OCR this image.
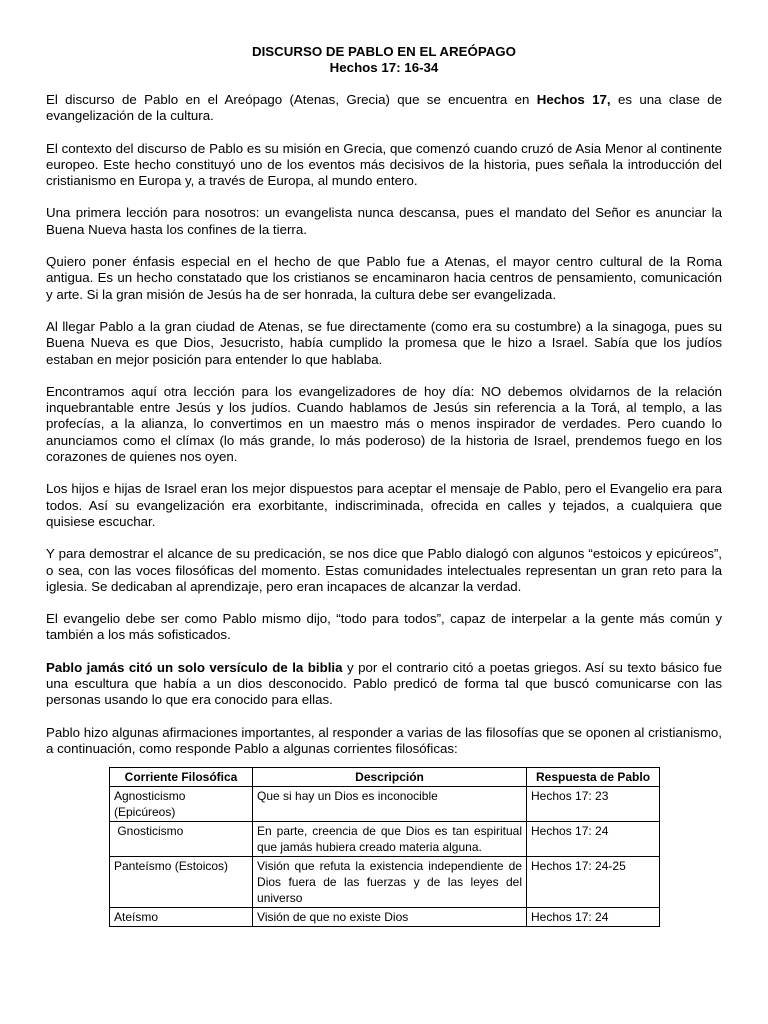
DISCURSO DE PABLO EN EL AREÓPAGO
Hechos 17: 16-34

El discurso de Pablo en el Areópago (Atenas, Grecia) que se encuentra en Hechos 17, es una clase de evangelización de la cultura.

El contexto del discurso de Pablo es su misión en Grecia, que comenzó cuando cruzó de Asia Menor al continente europeo. Este hecho constituyó uno de los eventos más decisivos de la historia, pues señala la introducción del cristianismo en Europa y, a través de Europa, al mundo entero.

Una primera lección para nosotros: un evangelista nunca descansa, pues el mandato del Señor es anunciar la Buena Nueva hasta los confines de la tierra.

Quiero poner énfasis especial en el hecho de que Pablo fue a Atenas, el mayor centro cultural de la Roma antigua. Es un hecho constatado que los cristianos se encaminaron hacia centros de pensamiento, comunicación y arte. Si la gran misión de Jesús ha de ser honrada, la cultura debe ser evangelizada.

Al llegar Pablo a la gran ciudad de Atenas, se fue directamente (como era su costumbre) a la sinagoga, pues su Buena Nueva es que Dios, Jesucristo, había cumplido la promesa que le hizo a Israel. Sabía que los judíos estaban en mejor posición para entender lo que hablaba.

Encontramos aquí otra lección para los evangelizadores de hoy día: NO debemos olvidarnos de la relación inquebrantable entre Jesús y los judíos. Cuando hablamos de Jesús sin referencia a la Torá, al templo, a las profecías, a la alianza, lo convertimos en un maestro más o menos inspirador de verdades. Pero cuando lo anunciamos como el clímax (lo más grande, lo más poderoso) de la historia de Israel, prendemos fuego en los corazones de quienes nos oyen.

Los hijos e hijas de Israel eran los mejor dispuestos para aceptar el mensaje de Pablo, pero el Evangelio era para todos. Así su evangelización era exorbitante, indiscriminada, ofrecida en calles y tejados, a cualquiera que quisiese escuchar.

Y para demostrar el alcance de su predicación, se nos dice que Pablo dialogó con algunos “estoicos y epicúreos”, o sea, con las voces filosóficas del momento. Estas comunidades intelectuales representan un gran reto para la iglesia. Se dedicaban al aprendizaje, pero eran incapaces de alcanzar la verdad.

El evangelio debe ser como Pablo mismo dijo, “todo para todos”, capaz de interpelar a la gente más común y también a los más sofisticados.

Pablo jamás citó un solo versículo de la biblia y por el contrario citó a poetas griegos. Así su texto básico fue una escultura que había a un dios desconocido. Pablo predicó de forma tal que buscó comunicarse con las personas usando lo que era conocido para ellas.

Pablo hizo algunas afirmaciones importantes, al responder a varias de las filosofías que se oponen al cristianismo, a continuación, como responde Pablo a algunas corrientes filosóficas:

Corriente Filosófica	Descripción	Respuesta de Pablo
Agnosticismo (Epicúreos)	Que si hay un Dios es inconocible	Hechos 17: 23
Gnosticismo	En parte, creencia de que Dios es tan espiritual que jamás hubiera creado materia alguna.	Hechos 17: 24
Panteísmo (Estoicos)	Visión que refuta la existencia independiente de Dios fuera de las fuerzas y de las leyes del universo	Hechos 17: 24-25
Ateísmo	Visión de que no existe Dios	Hechos 17: 24
